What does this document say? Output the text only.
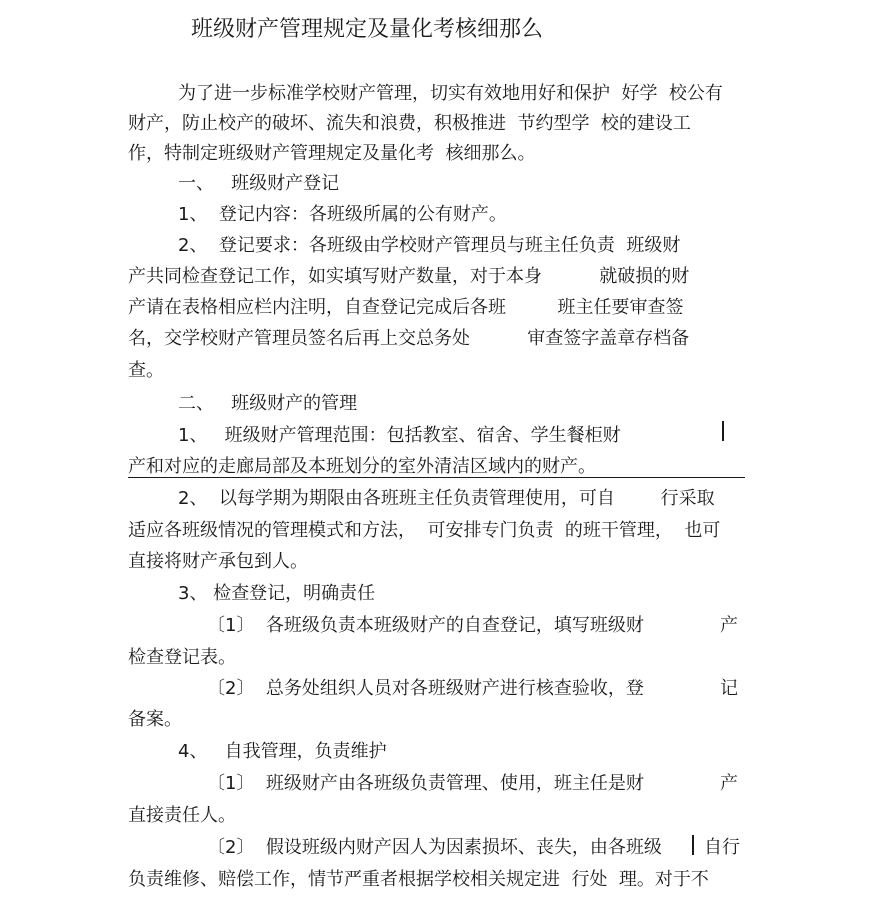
班级财产管理规定及量化考核细那么
为了进一步标准学校财产管理，切实有效地用好和保护  好学  校公有
财产，防止校产的破坏、流失和浪费，积极推进  节约型学  校的建设工
作，特制定班级财产管理规定及量化考  核细那么。
一、   班级财产登记
1、  登记内容：各班级所属的公有财产。
2、  登记要求：各班级由学校财产管理员与班主任负责  班级财
产共同检查登记工作，如实填写财产数量，对于本身          就破损的财
产请在表格相应栏内注明，自查登记完成后各班         班主任要审查签
名，交学校财产管理员签名后再上交总务处          审查签字盖章存档备
查。
二、   班级财产的管理
1、   班级财产管理范围：包括教室、宿舍、学生餐柜财
产和对应的走廊局部及本班划分的室外清洁区域内的财产。
2、  以每学期为期限由各班班主任负责管理使用，可自        行采取
适应各班级情况的管理模式和方法，  可安排专门负责  的班干管理，  也可
直接将财产承包到人。
3、 检查登记，明确责任
〔1〕  各班级负责本班级财产的自查登记，填写班级财	产
检查登记表。
〔2〕  总务处组织人员对各班级财产进行核查验收，登	记
备案。
4、   自我管理，负责维护
〔1〕  班级财产由各班级负责管理、使用，班主任是财	产
直接责任人。
〔2〕  假设班级内财产因人为因素损坏、丧失，由各班级 自行
负责维修、赔偿工作，情节严重者根据学校相关规定进  行处  理。对于不
